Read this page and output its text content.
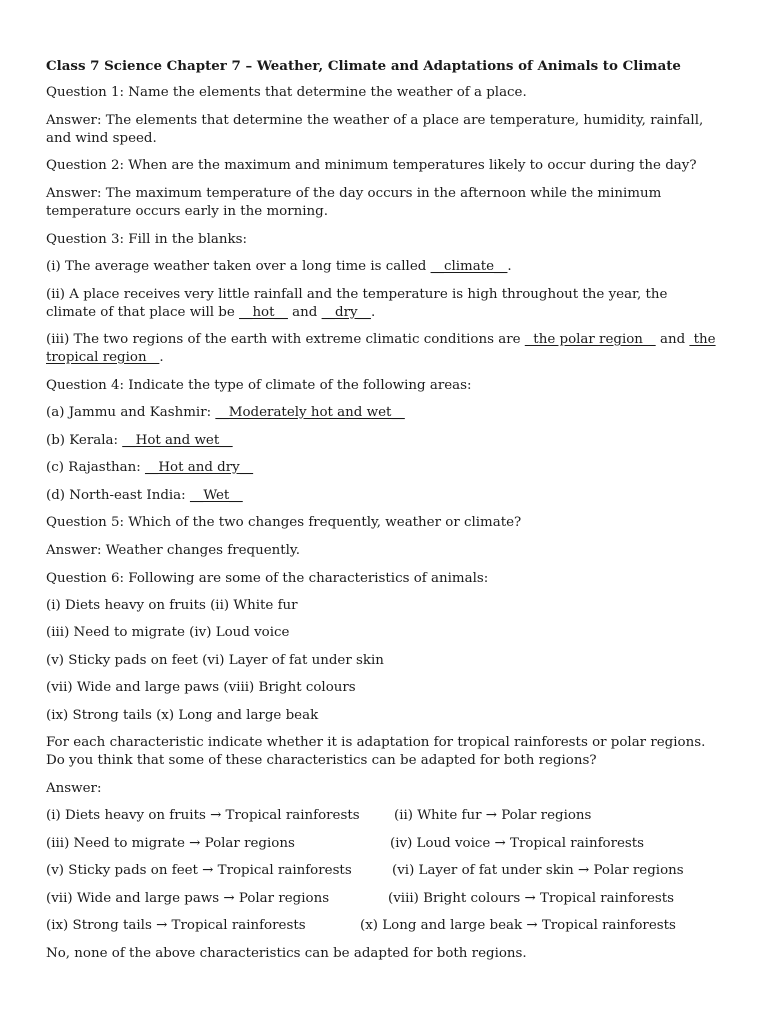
Class 7 Science Chapter 7 – Weather, Climate and Adaptations of Animals to Climate
Question 1: Name the elements that determine the weather of a place.
Answer: The elements that determine the weather of a place are temperature, humidity, rainfall,
and wind speed.
Question 2: When are the maximum and minimum temperatures likely to occur during the day?
Answer: The maximum temperature of the day occurs in the afternoon while the minimum
temperature occurs early in the morning.
Question 3: Fill in the blanks:
(i) The average weather taken over a long time is called __climate__.
(ii) A place receives very little rainfall and the temperature is high throughout the year, the
climate of that place will be __hot__ and __dry__.
(iii) The two regions of the earth with extreme climatic conditions are   the polar region    and  the
tropical region   .
Question 4: Indicate the type of climate of the following areas:
(a) Jammu and Kashmir: __Moderately hot and wet__
(b) Kerala: __Hot and wet__
(c) Rajasthan: __Hot and dry__
(d) North-east India: __Wet__
Question 5: Which of the two changes frequently, weather or climate?
Answer: Weather changes frequently.
Question 6: Following are some of the characteristics of animals:
(i) Diets heavy on fruits (ii) White fur
(iii) Need to migrate (iv) Loud voice
(v) Sticky pads on feet (vi) Layer of fat under skin
(vii) Wide and large paws (viii) Bright colours
(ix) Strong tails (x) Long and large beak
For each characteristic indicate whether it is adaptation for tropical rainforests or polar regions.
Do you think that some of these characteristics can be adapted for both regions?
Answer:
(i) Diets heavy on fruits → Tropical rainforests	(ii) White fur → Polar regions
(iii) Need to migrate → Polar regions	(iv) Loud voice → Tropical rainforests
(v) Sticky pads on feet → Tropical rainforests	(vi) Layer of fat under skin → Polar regions
(vii) Wide and large paws → Polar regions	(viii) Bright colours → Tropical rainforests
(ix) Strong tails → Tropical rainforests	(x) Long and large beak → Tropical rainforests
No, none of the above characteristics can be adapted for both regions.
